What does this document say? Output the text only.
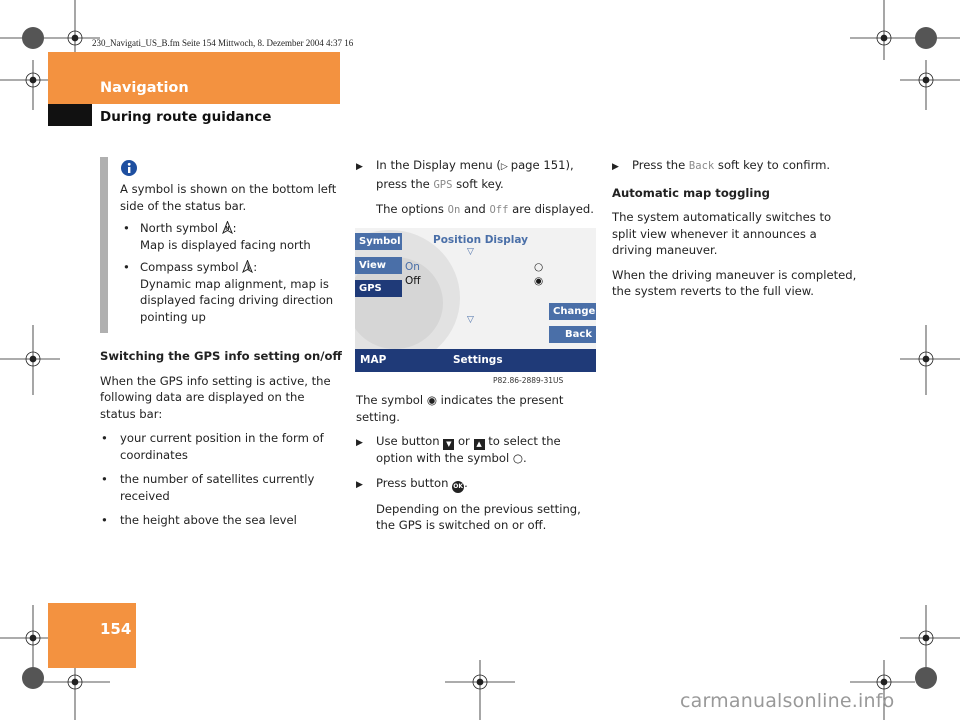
230_Navigati_US_B.fm Seite 154 Mittwoch, 8. Dezember 2004 4:37 16
Navigation
During route guidance

A symbol is shown on the bottom left side of the status bar.

• North symbol N :
Map is displayed facing north
• Compass symbol :
Dynamic map alignment, map is displayed facing driving direction pointing up

Switching the GPS info setting on/off

When the GPS info setting is active, the following data are displayed on the status bar:

• your current position in the form of coordinates
• the number of satellites currently received
• the height above the sea level
▶ In the Display menu (▷ page 151),
press the GPS soft key.

The options On and Off are displayed.

Symbol
View
GPS
Position Display
▽
On
Off
○
◉
▽
Change
Back
MAP	Settings
P82.86-2889-31US

The symbol ◉ indicates the present setting.

▶ Use button ▼ or ▲ to select the option with the symbol ○.
▶ Press button OK.

Depending on the previous setting, the GPS is switched on or off.

▶ Press the Back soft key to confirm.

Automatic map toggling

The system automatically switches to split view whenever it announces a driving maneuver.

When the driving maneuver is completed, the system reverts to the full view.

154
carmanualsonline.info
